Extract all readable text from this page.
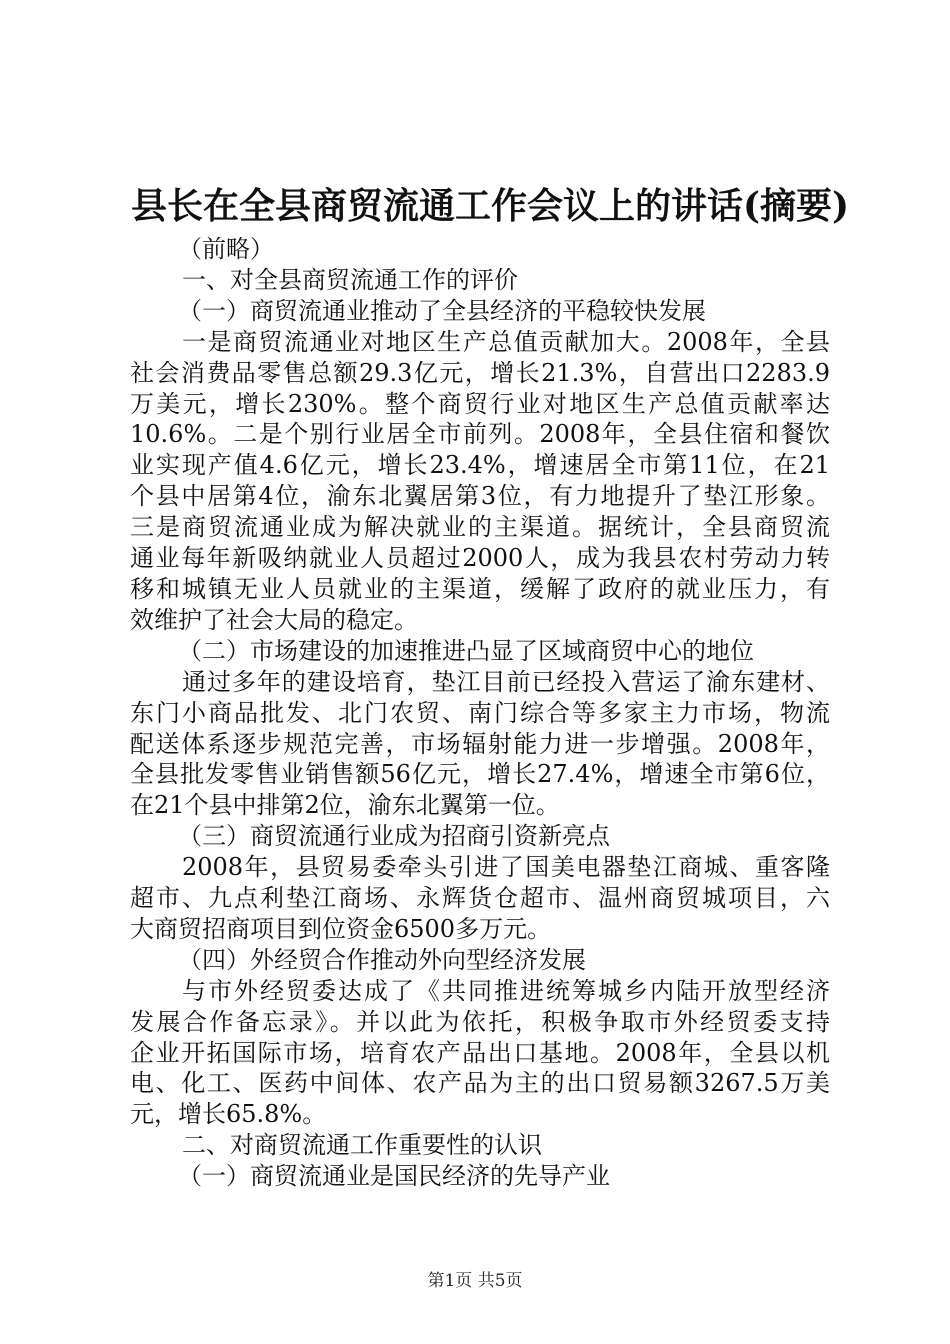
县长在全县商贸流通工作会议上的讲话(摘要)
（前略）
一、对全县商贸流通工作的评价
（一）商贸流通业推动了全县经济的平稳较快发展
一是商贸流通业对地区生产总值贡献加大。2008年，全县
社会消费品零售总额29.3亿元，增长21.3%，自营出口2283.9
万美元，增长230%。整个商贸行业对地区生产总值贡献率达
10.6%。二是个别行业居全市前列。2008年，全县住宿和餐饮
业实现产值4.6亿元，增长23.4%，增速居全市第11位，在21
个县中居第4位，渝东北翼居第3位，有力地提升了垫江形象。
三是商贸流通业成为解决就业的主渠道。据统计，全县商贸流
通业每年新吸纳就业人员超过2000人，成为我县农村劳动力转
移和城镇无业人员就业的主渠道，缓解了政府的就业压力，有
效维护了社会大局的稳定。
（二）市场建设的加速推进凸显了区域商贸中心的地位
通过多年的建设培育，垫江目前已经投入营运了渝东建材、
东门小商品批发、北门农贸、南门综合等多家主力市场，物流
配送体系逐步规范完善，市场辐射能力进一步增强。2008年，
全县批发零售业销售额56亿元，增长27.4%，增速全市第6位，
在21个县中排第2位，渝东北翼第一位。
（三）商贸流通行业成为招商引资新亮点
2008年，县贸易委牵头引进了国美电器垫江商城、重客隆
超市、九点利垫江商场、永辉货仓超市、温州商贸城项目，六
大商贸招商项目到位资金6500多万元。
（四）外经贸合作推动外向型经济发展
与市外经贸委达成了《共同推进统筹城乡内陆开放型经济
发展合作备忘录》。并以此为依托，积极争取市外经贸委支持
企业开拓国际市场，培育农产品出口基地。2008年，全县以机
电、化工、医药中间体、农产品为主的出口贸易额3267.5万美
元，增长65.8%。
二、对商贸流通工作重要性的认识
（一）商贸流通业是国民经济的先导产业
第1页 共5页
